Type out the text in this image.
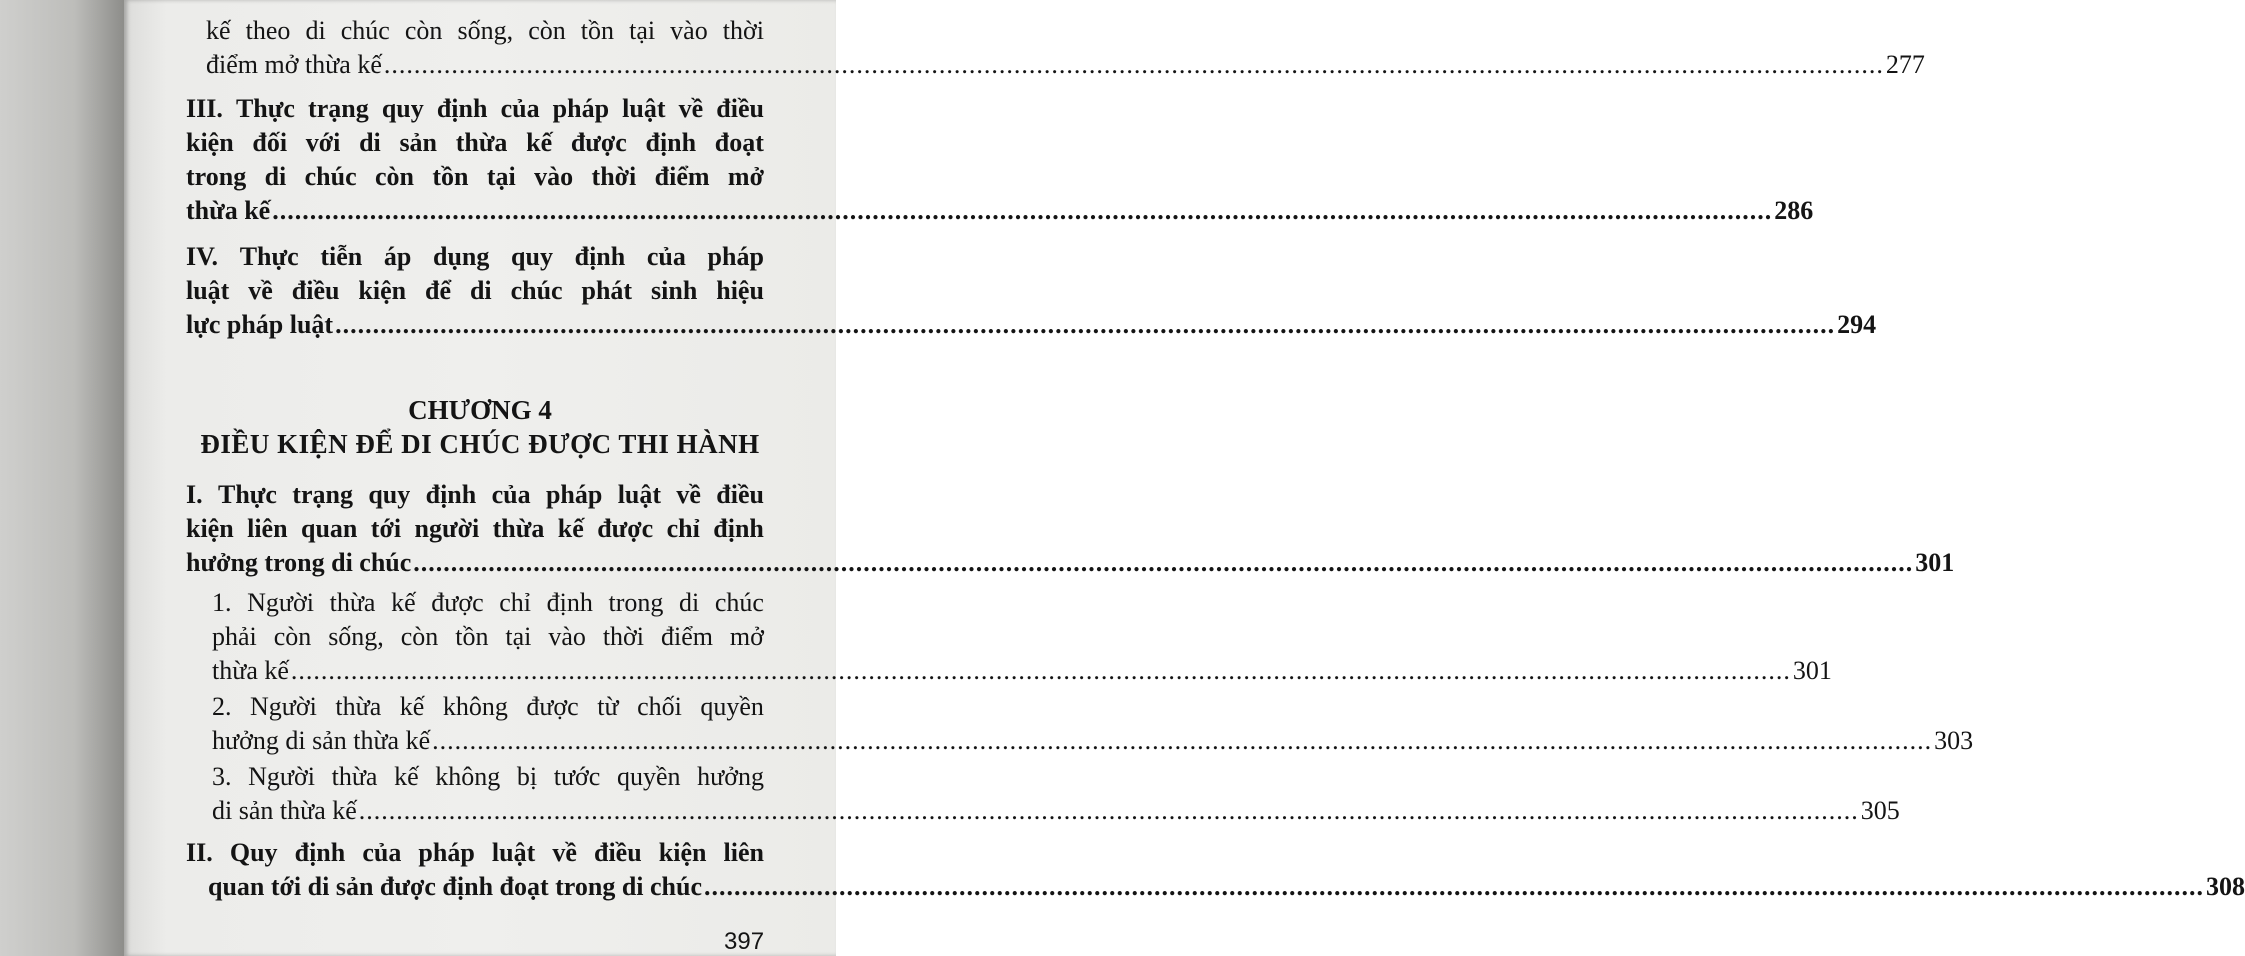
kế theo di chúc còn sống, còn tồn tại vào thời
điểm mở thừa kế ........................................................................................................................................................................................................ 277
III. Thực trạng quy định của pháp luật về điều
kiện đối với di sản thừa kế được định đoạt
trong di chúc còn tồn tại vào thời điểm mở
thừa kế ........................................................................................................................................................................................................ 286
IV. Thực tiễn áp dụng quy định của pháp
luật về điều kiện để di chúc phát sinh hiệu
lực pháp luật ........................................................................................................................................................................................................ 294
CHƯƠNG 4
ĐIỀU KIỆN ĐỂ DI CHÚC ĐƯỢC THI HÀNH
I. Thực trạng quy định của pháp luật về điều
kiện liên quan tới người thừa kế được chỉ định
hưởng trong di chúc ........................................................................................................................................................................................................ 301
1. Người thừa kế được chỉ định trong di chúc
phải còn sống, còn tồn tại vào thời điểm mở
thừa kế ........................................................................................................................................................................................................ 301
2. Người thừa kế không được từ chối quyền
hưởng di sản thừa kế ........................................................................................................................................................................................................ 303
3. Người thừa kế không bị tước quyền hưởng
di sản thừa kế ........................................................................................................................................................................................................ 305
II. Quy định của pháp luật về điều kiện liên
quan tới di sản được định đoạt trong di chúc ........................................................................................................................................................................................................ 308
397
